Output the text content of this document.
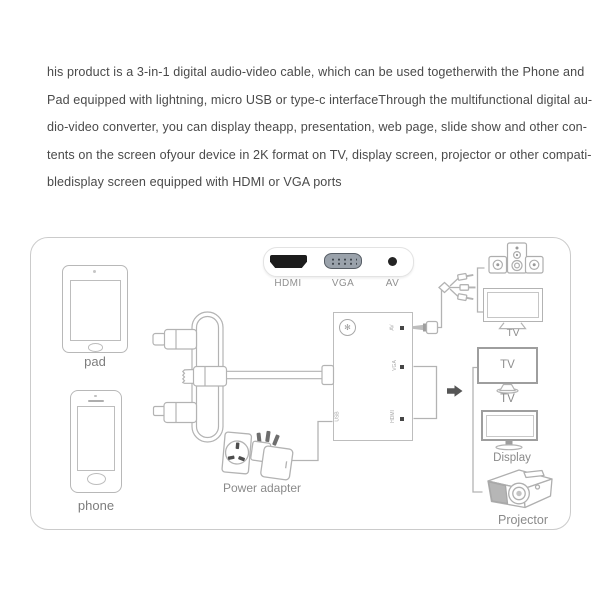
his product is a 3-in-1 digital audio-video cable, which can be used togetherwith the Phone and
Pad equipped with lightning, micro USB or type-c interfaceThrough the multifunctional digital au-
dio-video converter, you can display theapp, presentation, web page, slide show and other con-
tents on the screen ofyour device in 2K format on TV, display screen, projector or other compati-
bledisplay screen equipped with HDMI or VGA ports
HDMI	VGA	AV
pad
phone
✻	AV
VGA
HDMI
USB
Power adapter
TV
TV
TV
Display
Projector
